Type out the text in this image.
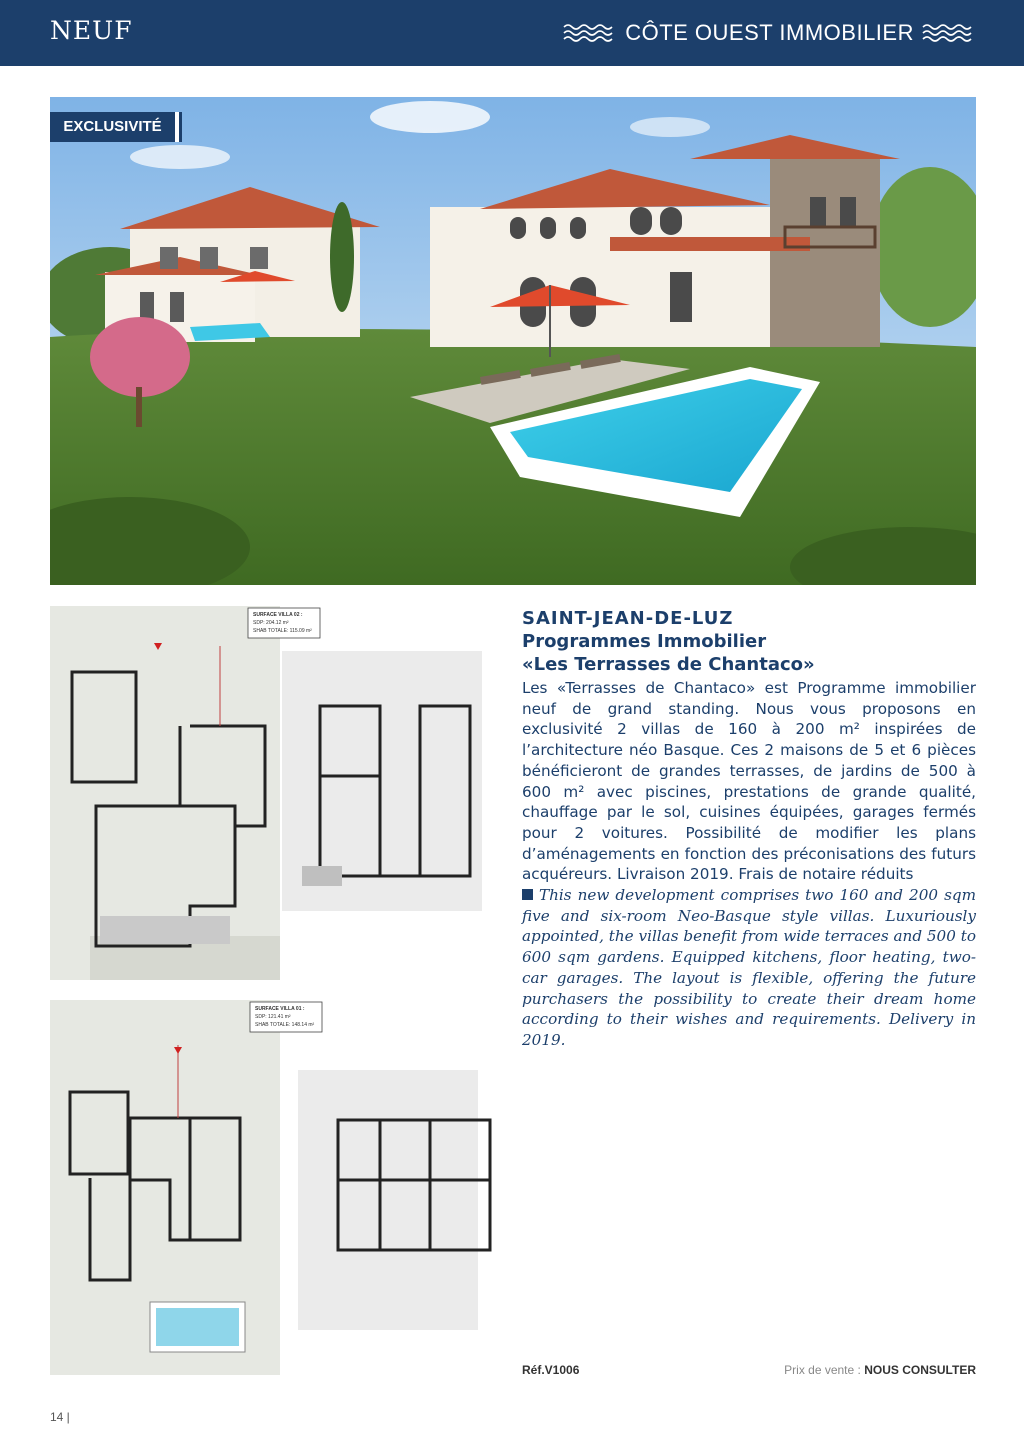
NEUF	CÔTE OUEST IMMOBILIER
EXCLUSIVITÉ
SURFACE VILLA 02 :
SDP: 204.12 m²
SHAB TOTALE: 115.09 m²
SURFACE VILLA 01 :
SDP: 121.41 m²
SHAB TOTALE: 148.14 m²
SAINT-JEAN-DE-LUZ
Programmes Immobilier
«Les Terrasses de Chantaco»
Les «Terrasses de Chantaco» est Programme immobilier neuf de grand standing. Nous vous proposons en exclusivité 2 villas de 160 à 200 m² inspirées de l’architecture néo Basque. Ces 2 maisons de 5 et 6 pièces bénéficieront de grandes terrasses, de jardins de 500 à 600 m² avec piscines, prestations de grande qualité, chauffage par le sol, cuisines équipées, garages fermés pour 2 voitures. Possibilité de modifier les plans d’aménagements en fonction des préconisations des futurs acquéreurs. Livraison 2019. Frais de notaire réduits
This new development comprises two 160 and 200 sqm five and six-room Neo-Basque style villas. Luxuriously appointed, the villas benefit from wide terraces and 500 to 600 sqm gardens. Equipped kitchens, floor heating, two-car garages. The layout is flexible, offering the future purchasers the possibility to create their dream home according to their wishes and requirements. Delivery in 2019.
Réf.V1006	Prix de vente : NOUS CONSULTER
14 |
